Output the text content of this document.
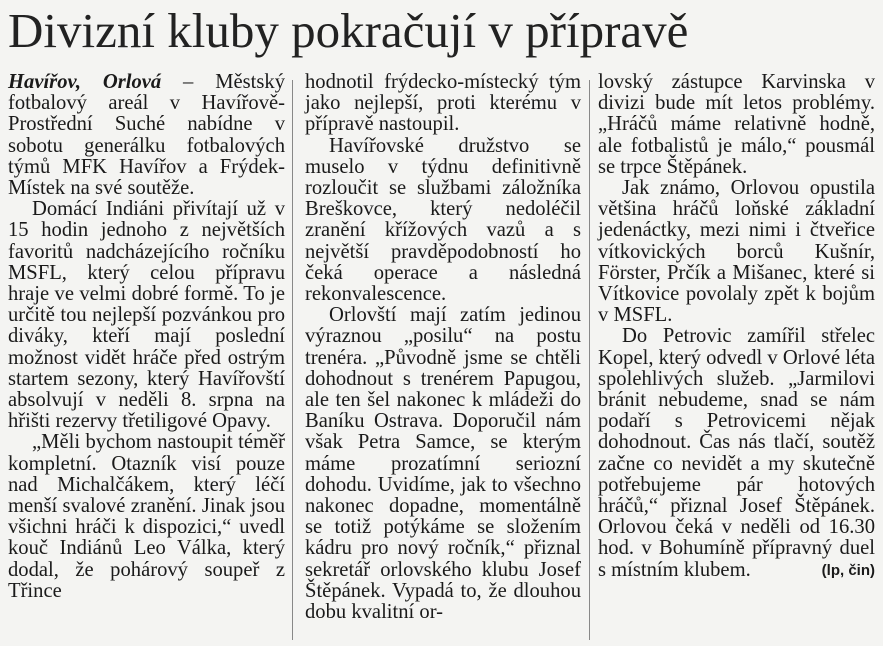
Divizní kluby pokračují v přípravě

Havířov, Orlová – Městský fotbalový areál v Havířově-Prostřední Suché nabídne v sobotu generálku fotbalových týmů MFK Havířov a Frýdek-Místek na své soutěže.

Domácí Indiáni přivítají už v 15 hodin jednoho z největších favoritů nadcházejícího ročníku MSFL, který celou přípravu hraje ve velmi dobré formě. To je určitě tou nejlepší pozvánkou pro diváky, kteří mají poslední možnost vidět hráče před ostrým startem sezony, který Havířovští absolvují v neděli 8. srpna na hřišti rezervy třetiligové Opavy.

„Měli bychom nastoupit téměř kompletní. Otazník visí pouze nad Michalčákem, který léčí menší svalové zranění. Jinak jsou všichni hráči k dispozici,“ uvedl kouč Indiánů Leo Válka, který dodal, že pohárový soupeř z Třince

hodnotil frýdecko-místecký tým jako nejlepší, proti kterému v přípravě nastoupil.

Havířovské družstvo se muselo v týdnu definitivně rozloučit se službami záložníka Breškovce, který nedoléčil zranění křížových vazů a s největší pravděpodobností ho čeká operace a následná rekonvalescence.

Orlovští mají zatím jedinou výraznou „posilu“ na postu trenéra. „Původně jsme se chtěli dohodnout s trenérem Papugou, ale ten šel nakonec k mládeži do Baníku Ostrava. Doporučil nám však Petra Samce, se kterým máme prozatímní seriozní dohodu. Uvidíme, jak to všechno nakonec dopadne, momentálně se totiž potýkáme se složením kádru pro nový ročník,“ přiznal sekretář orlovského klubu Josef Štěpánek. Vypadá to, že dlouhou dobu kvalitní or-

lovský zástupce Karvinska v divizi bude mít letos problémy. „Hráčů máme relativně hodně, ale fotbalistů je málo,“ pousmál se trpce Štěpánek.

Jak známo, Orlovou opustila většina hráčů loňské základní jedenáctky, mezi nimi i čtveřice vítkovických borců Kušnír, Förster, Prčík a Mišanec, které si Vítkovice povolaly zpět k bojům v MSFL.

Do Petrovic zamířil střelec Kopel, který odvedl v Orlové léta spolehlivých služeb. „Jarmilovi bránit nebudeme, snad se nám podaří s Petrovicemi nějak dohodnout. Čas nás tlačí, soutěž začne co nevidět a my skutečně potřebujeme pár hotových hráčů,“ přiznal Josef Štěpánek. Orlovou čeká v neděli od 16.30 hod. v Bohumíně přípravný duel s místním klubem.	(lp, čin)
